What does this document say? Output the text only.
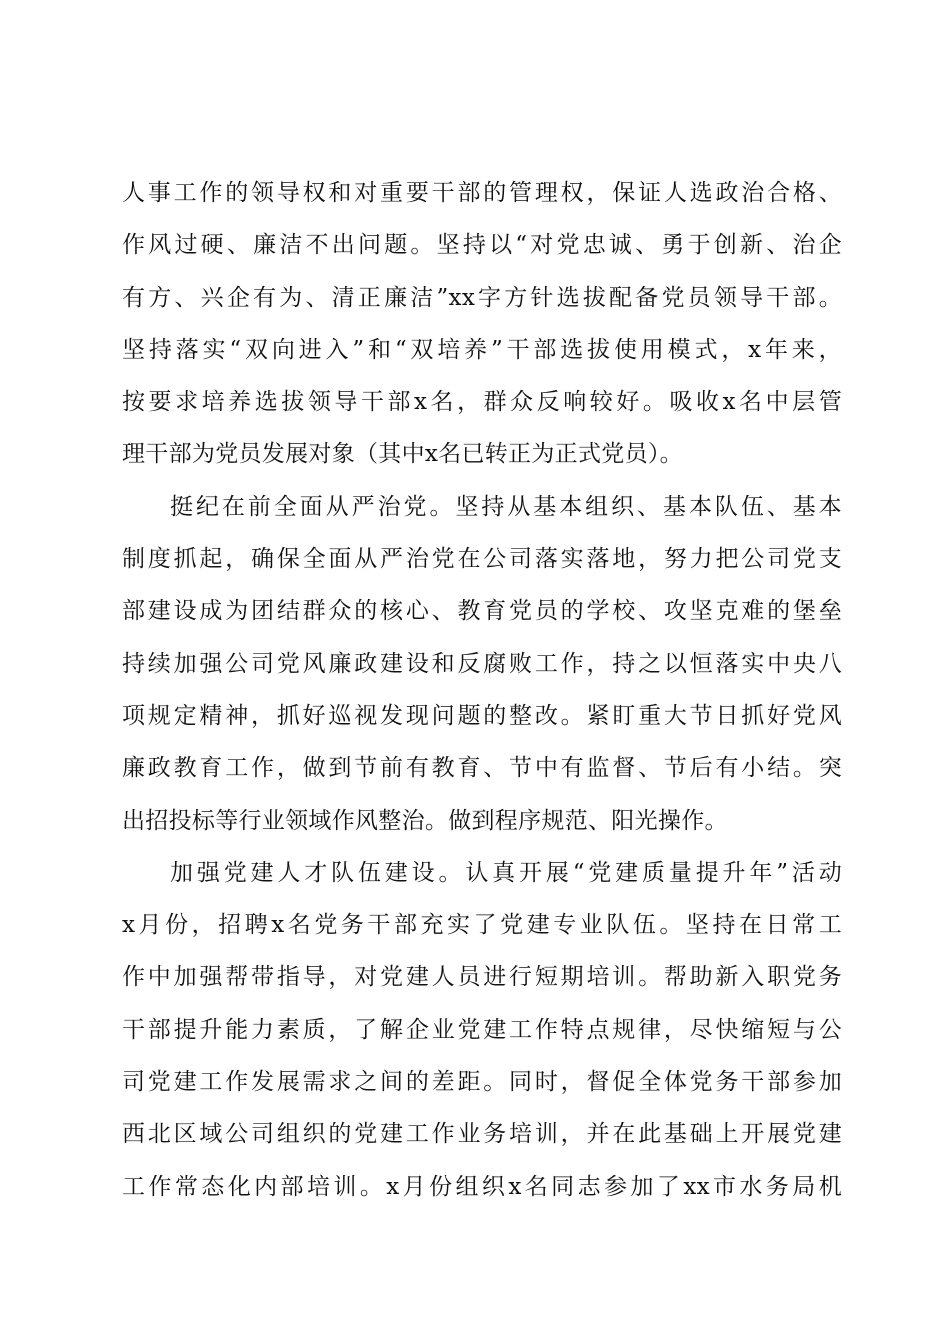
人事工作的领导权和对重要干部的管理权，保证人选政治合格、
作风过硬、廉洁不出问题。坚持以“对党忠诚、勇于创新、治企
有方、兴企有为、清正廉洁”xx字方针选拔配备党员领导干部。
坚持落实“双向进入”和“双培养”干部选拔使用模式，x年来，
按要求培养选拔领导干部x名，群众反响较好。吸收x名中层管
理干部为党员发展对象（其中x名已转正为正式党员）。
挺纪在前全面从严治党。坚持从基本组织、基本队伍、基本
制度抓起，确保全面从严治党在公司落实落地，努力把公司党支
部建设成为团结群众的核心、教育党员的学校、攻坚克难的堡垒
持续加强公司党风廉政建设和反腐败工作，持之以恒落实中央八
项规定精神，抓好巡视发现问题的整改。紧盯重大节日抓好党风
廉政教育工作，做到节前有教育、节中有监督、节后有小结。突
出招投标等行业领域作风整治。做到程序规范、阳光操作。
加强党建人才队伍建设。认真开展“党建质量提升年”活动
x月份，招聘x名党务干部充实了党建专业队伍。坚持在日常工
作中加强帮带指导，对党建人员进行短期培训。帮助新入职党务
干部提升能力素质，了解企业党建工作特点规律，尽快缩短与公
司党建工作发展需求之间的差距。同时，督促全体党务干部参加
西北区域公司组织的党建工作业务培训，并在此基础上开展党建
工作常态化内部培训。x月份组织x名同志参加了xx市水务局机
